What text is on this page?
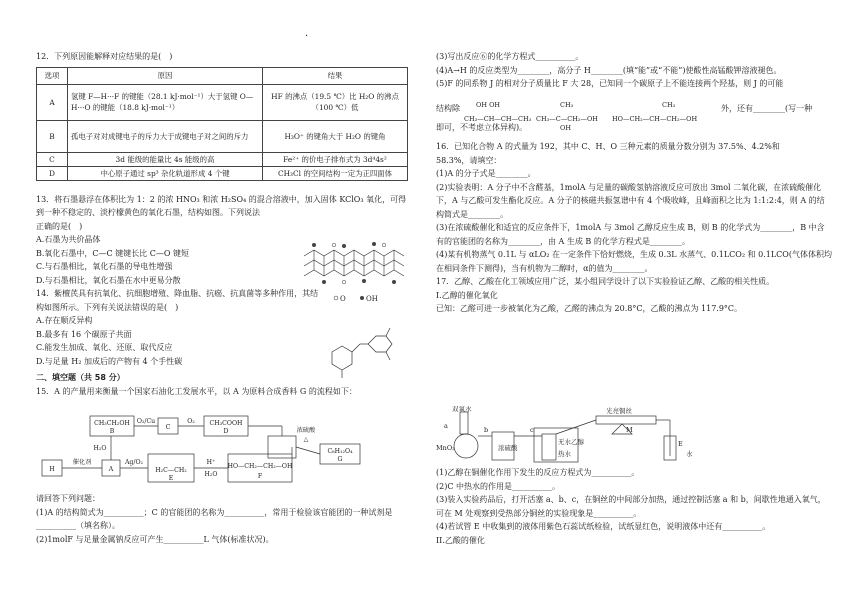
·

12．下列原因能解释对应结果的是(　)

选项	原因	结果
A	氢键 F—H···F 的键能（28.1 kJ·mol⁻¹）大于氢键 O—H···O 的键能（18.8 kJ·mol⁻¹）	HF 的沸点（19.5 ℃）比 H₂O 的沸点（100 ℃）低
B	孤电子对对成键电子的斥力大于成键电子对之间的斥力	H₃O⁺ 的键角大于 H₂O 的键角
C	3d 能级的能量比 4s 能级的高	Fe²⁺ 的价电子排布式为 3d⁴4s²
D	中心原子通过 sp³ 杂化轨道形成 4 个键	CH₃Cl 的空间结构一定为正四面体

13．将石墨悬浮在体积比为 1：2 的浓 HNO₃ 和浓 H₂SO₄ 的混合溶液中，加入固体 KClO₃ 氧化，可得到一种不稳定的、淡柠檬黄色的氧化石墨，结构如图。下列说法

正确的是(　)

A.石墨为共价晶体

B.氧化石墨中，C—C 键键长比 C—O 键短

C.与石墨相比，氧化石墨的导电性增强

D.与石墨相比，氧化石墨在水中更易分散

14．紫檀芪具有抗氧化、抗细胞增殖、降血脂、抗癌、抗真菌等多种作用，其结构如图所示。下列有关说法错误的是(　)

A.存在顺反异构

B.最多有 16 个碳原子共面

C.能发生加成、氧化、还原、取代反应

D.与足量 H₂ 加成后的产物有 4 个手性碳

二、填空题（共 58 分）

15．A 的产量用来衡量一个国家石油化工发展水平，以 A 为原料合成香料 G 的流程如下：

O	OH
CH₃CH₂OH
B
C
CH₃COOH
D
C₈H₁₂O₄
G
H	A	H₂C—CH₂
E
HO—CH₂—CH₂—OH
F
O₂/Cu	O₂
H₂O
催化剂	Ag/O₂	H⁺
H₂O
浓硫酸
△

请回答下列问题：

(1)A 的结构简式为__________；C 的官能团的名称为__________，常用于检验该官能团的一种试剂是__________（填名称）。

(2)1molF 与足量金属钠反应可产生__________L 气体(标准状况)。

(3)写出反应⑥的化学方程式__________。

(4)A→H 的反应类型为________，高分子 H________(填“能”或“不能”)使酸性高锰酸钾溶液褪色。

(5)F 的同系物 J 的相对分子质量比 F 大 28，已知同一个碳原子上不能连接两个羟基，则 J 的可能

结构除	外，还有________(写一种

即可，不考虑立体异构)。

16．已知化合物 A 的式量为 192，其中 C、H、O 三种元素的质量分数分别为 37.5%、4.2%和

58.3%，请填空：

(1)A 的分子式是________。

(2)实验表明：A 分子中不含醛基，1molA 与足量的碳酸氢钠溶液反应可放出 3mol 二氧化碳，在浓硫酸催化下，A 与乙酸可发生酯化反应。A 分子的核磁共振氢谱中有 4 个吸收峰，且峰面积之比为 1:1:2:4，则 A 的结构简式是________。

(3)在浓硫酸催化和适宜的反应条件下，1molA 与 3mol 乙醇反应生成 B，则 B 的化学式为________，B 中含有的官能团的名称为________，由 A 生成 B 的化学方程式是________。

(4)某有机物蒸气 0.1L 与 αLO₂ 在一定条件下恰好燃烧，生成 0.3L 水蒸气、0.1LCO₂ 和 0.1LCO(气体体积均在相同条件下测得)，当有机物为二醇时，α的值为________。

17．乙醇、乙酸在化工领域应用广泛，某小组同学设计了以下实验验证乙醇、乙酸的相关性质。

I.乙醇的催化氧化

已知：乙醛可进一步被氧化为乙酸，乙醛的沸点为 20.8°C，乙酸的沸点为 117.9°C。

OH OH
CH₃—CH—CH—CH₃
CH₃
CH₃—C—CH₂—OH
OH
CH₃
HO—CH₂—CH—CH₂—OH
双氧水
a	b	c
光亮铜丝
M
MnO₂	浓硫酸
无水乙醇
热水
E
水

(1)乙醇在铜催化作用下发生的反应方程式为__________。

(2)C 中热水的作用是__________。

(3)装入实验药品后，打开活塞 a、b、c，在铜丝的中间部分加热，通过控制活塞 a 和 b，间歇性地通入氧气，可在 M 处观察到受热部分铜丝的实验现象是__________。

(4)若试管 E 中收集到的液体用紫色石蕊试纸检验，试纸显红色，说明液体中还有__________。

II.乙酸的催化
